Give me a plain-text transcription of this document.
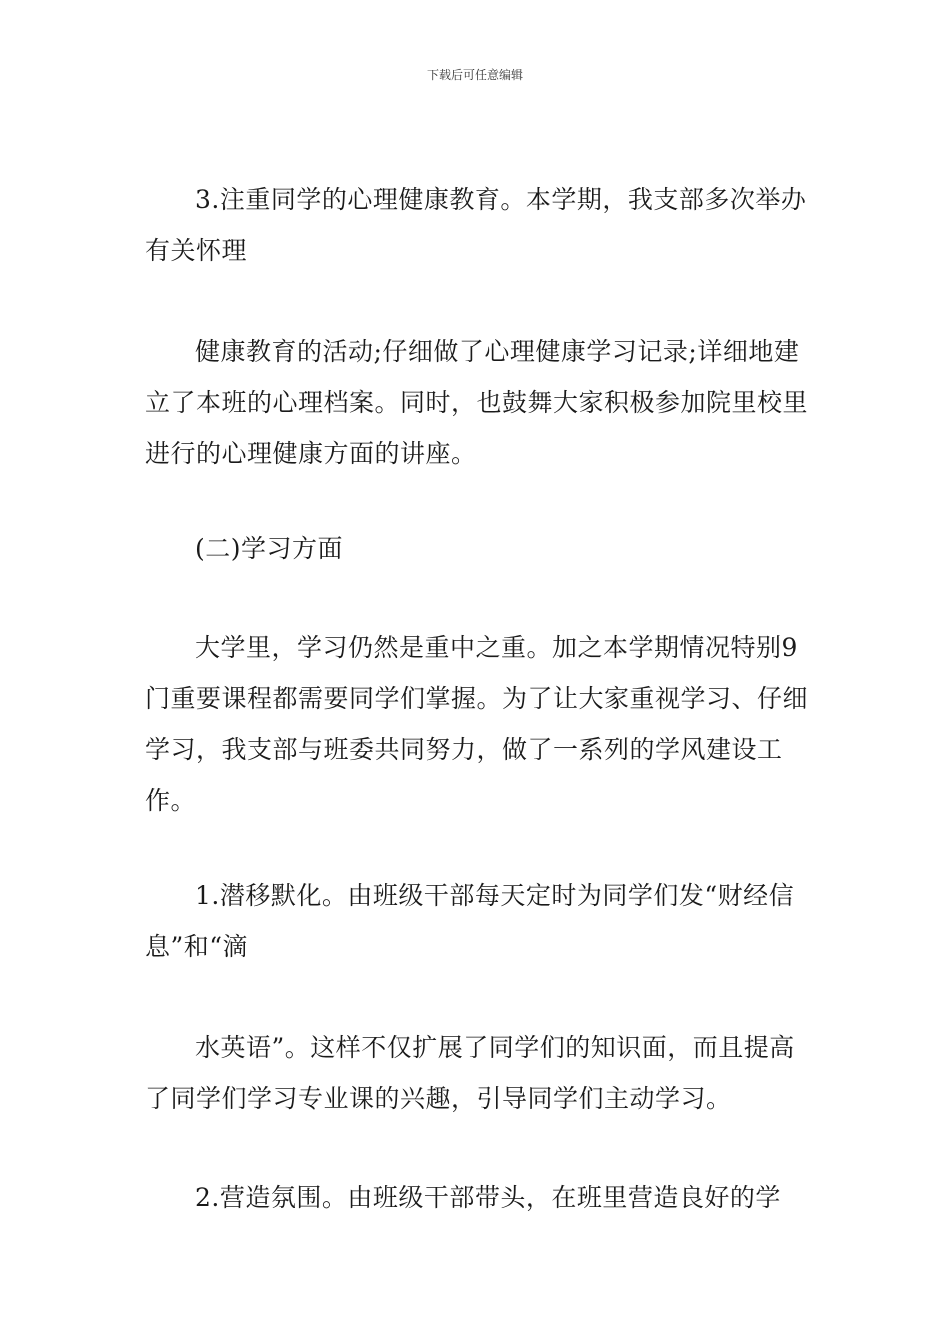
下载后可任意编辑

3.注重同学的心理健康教育。本学期，我支部多次举办有关怀理

健康教育的活动;仔细做了心理健康学习记录;详细地建立了本班的心理档案。同时，也鼓舞大家积极参加院里校里进行的心理健康方面的讲座。

(二)学习方面

大学里，学习仍然是重中之重。加之本学期情况特别9门重要课程都需要同学们掌握。为了让大家重视学习、仔细学习，我支部与班委共同努力，做了一系列的学风建设工作。

1.潜移默化。由班级干部每天定时为同学们发“财经信息”和“滴

水英语”。这样不仅扩展了同学们的知识面，而且提高了同学们学习专业课的兴趣，引导同学们主动学习。

2.营造氛围。由班级干部带头，在班里营造良好的学
